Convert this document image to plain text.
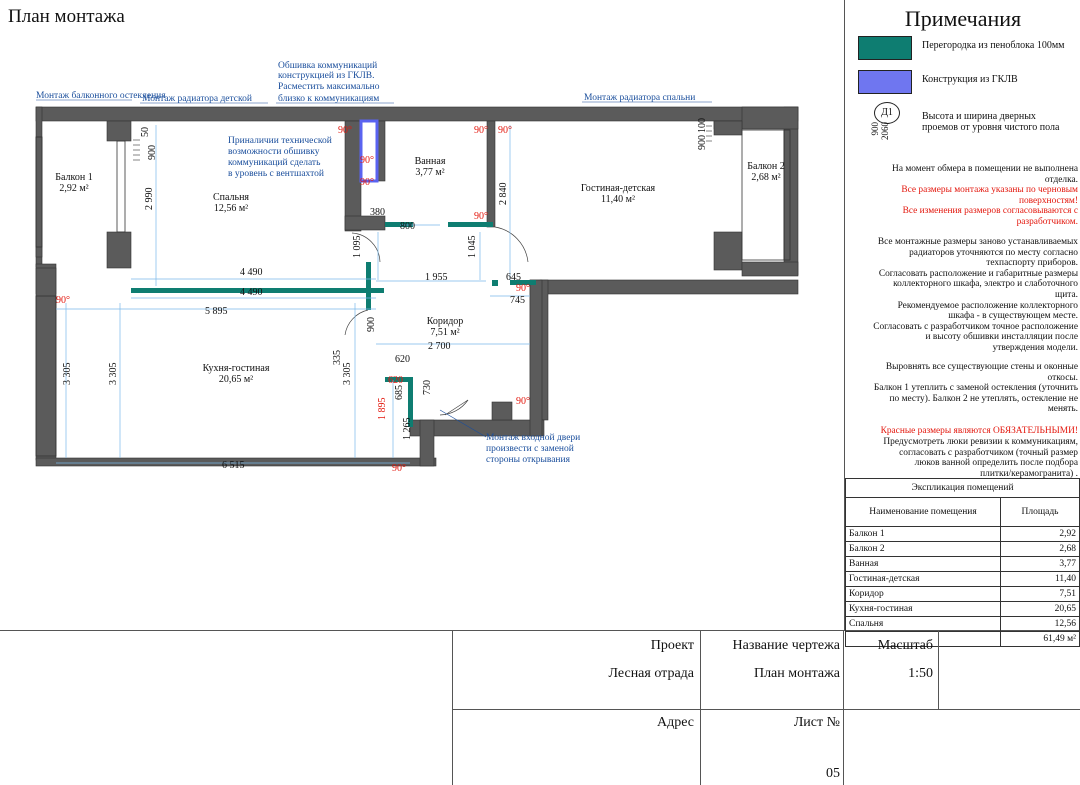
План монтажа
4 490
4 490
5 895
1 955
745
645
2 700
6 515
800
2 990
3 305
3 305	3 305
2 840
1 045
1 095
1 895
1 265
900
50
900
100
380
620
620
900
335
730
685
90°	90° 90°
90°
90°
90°
90°
90°
90°
90°
Балкон 1
2,92 м²
Спальня
12,56 м²
Ванная
3,77 м²
Гостиная-детская
11,40 м²
Балкон 2
2,68 м²
Коридор
7,51 м²
Кухня-гостиная
20,65 м²
Монтаж балконного остекления
Монтаж радиатора детской
Обшивка коммуникаций
конструкцией из ГКЛВ.
Расместить максимально
близко к коммуникациям	Монтаж радиатора спальни
Приналичии технической
возможности обшивку
коммуникаций сделать
в уровень с вентшахтой
Монтаж входной двери
произвести с заменой
стороны открывания
Примечания
Перегородка из пеноблока 100мм
Конструкция из ГКЛВ
Д1
900 2060
Высота и ширина дверных
проемов от уровня чистого пола
На момент обмера в помещении не выполнена
отделка.
Все размеры монтажа указаны по черновым
поверхностям!
Все изменения размеров согласовываются с
разработчиком.
Все монтажные размеры заново устанавливаемых
радиаторов уточняются по месту согласно
техпаспорту приборов.
Согласовать расположение и габаритные размеры
коллекторного шкафа, электро и слаботочного
щита.
Рекомендуемое расположение коллекторного
шкафа - в существующем месте.
Согласовать с разработчиком точное расположение
и высоту обшивки инсталляции после
утверждения модели.
Выровнять все существующие стены и оконные
откосы.
Балкон 1 утеплить с заменой остекления (уточнить
по месту). Балкон 2 не утеплять, остекление не
менять.
Красные размеры являются ОБЯЗАТЕЛЬНЫМИ!
Предусмотреть люки ревизии к коммуникациям,
согласовать с разработчиком (точный размер
люков ванной определить после подбора
плитки/керамогранита) .
Экспликация помещений	
Наименование помещения	Площадь
Балкон 1	2,92
Балкон 2	2,68
Ванная	3,77
Гостиная-детская	11,40
Коридор	7,51
Кухня-гостиная	20,65
Спальня	12,56
	61,49 м²
Проект
Лесная отрада
Название чертежа
План монтажа
Масштаб
1:50
Адрес	Лист №
05
